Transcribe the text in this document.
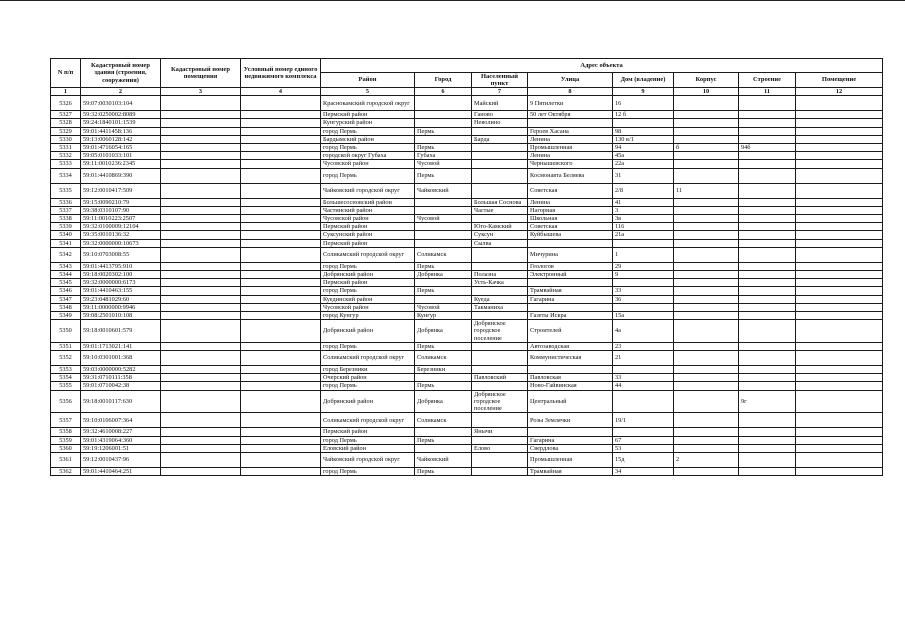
N п/п	Кадастровый номер здания (строения, сооружения)	Кадастровый номер помещения	Условный номер единого недвижимого комплекса	Адрес объекта							
				Район	Город	Населенный пункт	Улица	Дом (владение)	Корпус	Строение	Помещение
1	2	3	4	5	6	7	8	9	10	11	12
5326	59:07:0030103:104			Краснокамский городской округ		Майский	9 Пятилетки	16			
5327	59:32:0250002:8089			Пермский район		Ганово	50 лет Октября	12 б			
5328	59:24:1840101:1539			Кунгурский район		Неволино					
5329	59:01:4411458:136			город Пермь	Пермь		Героев Хасана	98			
5330	59:13:0060128:142			Бардымский район		Барда	Ленина	130 в/1			
5331	59:01:4716054:165			город Пермь	Пермь		Промышленная	94	б	94б	
5332	59:05:0101033:101			городской округ Губаха	Губаха		Ленина	45а			
5333	59:11:0010236:2345			Чусовской район	Чусовой		Чернышевского	22а			
5334	59:01:4410869:390			город Пермь	Пермь		Космонавта Беляева	31			
5335	59:12:0010417:509			Чайковский городской округ	Чайковский		Советская	2/8	11		
5336	59:15:0090210:79			Большесосновский район		Большая Соснова	Ленина	41			
5337	59:38:0310107:90			Частинский район		Частые	Нагорная	3			
5338	59:11:0010223:2507			Чусовской район	Чусовой		Школьная	3в			
5339	59:32:0100009:12104			Пермский район		Юго-Камский	Советская	116			
5340	59:35:0010136:32			Суксунский район		Суксун	Куйбышева	21а			
5341	59:32:0000000:10673			Пермский район		Сылва					
5342	59:10:0703008:55			Соликамский городской округ	Соликамск		Мичурина	1			
5343	59:01:4413795:910			город Пермь	Пермь		Геологов	29			
5344	59:18:0020302:100			Добрянский район	Добрянка	Полазна	Электронный	9			
5345	59:32:0000000:6173			Пермский район		Усть-Качка					
5346	59:01:4410463:155			город Пермь	Пермь		Трамвайная	33			
5347	59:23:0481029:60			Куединский район		Куеда	Гагарина	36			
5348	59:11:0000000:9946			Чусовской район	Чусовой	Такманиха					
5349	59:08:2501010:108			город Кунгур	Кунгур		Газеты Искра	15а			
5350	59:18:0010601:579			Добрянский район	Добрянка	Добрянское городское поселение	Строителей	4а			
5351	59:01:1713021:141			город Пермь	Пермь		Автозаводская	23			
5352	59:10:0301001:368			Соликамский городской округ	Соликамск		Коммунистическая	21			
5353	59:03:0000000:5282			город Березники	Березники						
5354	59:31:0710111:358			Очерский район		Павловский	Павловская	33			
5355	59:01:0710042:38			город Пермь	Пермь		Ново-Гайвинская	44			
5356	59:18:0010117:630			Добрянский район	Добрянка	Добрянское городское поселение	Центральный			9г	
5357	59:10:0106007:364			Соликамский городской округ	Соликамск		Розы Землячки	19/1			
5358	59:32:4610008:227			Пермский район		Янычи					
5359	59:01:4319064:360			город Пермь	Пермь		Гагарина	67			
5360	59:19:1206001:51			Еловский район		Елово	Свердлова	53			
5361	59:12:0010437:96			Чайковский городской округ	Чайковский		Промышленная	15д	2		
5362	59:01:4410464:251			город Пермь	Пермь		Трамвайная	34			
